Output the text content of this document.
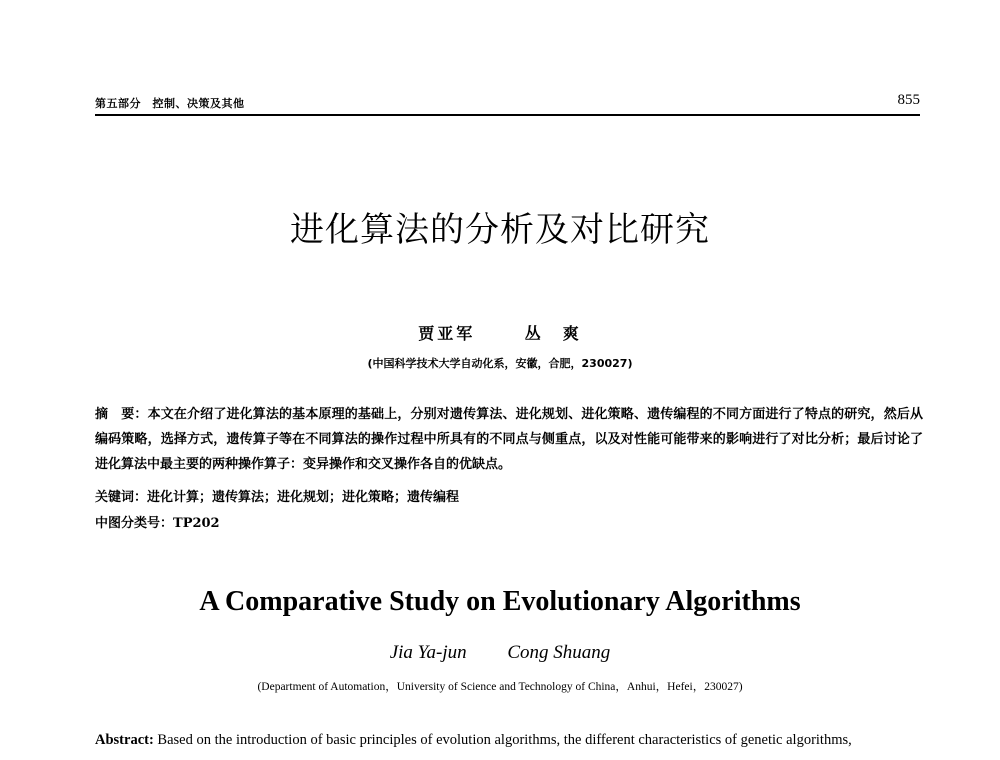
第五部分　控制、决策及其他	855
进化算法的分析及对比研究
贾亚军	丛　爽
(中国科学技术大学自动化系，安徽，合肥，230027)

摘　要：本文在介绍了进化算法的基本原理的基础上，分别对遗传算法、进化规划、进化策略、遗传编程的不同方面进行了特点的研究，然后从编码策略，选择方式，遗传算子等在不同算法的操作过程中所具有的不同点与侧重点，以及对性能可能带来的影响进行了对比分析；最后讨论了进化算法中最主要的两种操作算子：变异操作和交叉操作各自的优缺点。

关键词：进化计算；遗传算法；进化规划；进化策略；遗传编程
中图分类号：TP202
A Comparative Study on Evolutionary Algorithms
Jia Ya-jun Cong Shuang
(Department of Automation，University of Science and Technology of China，Anhui，Hefei，230027)

Abstract: Based on the introduction of basic principles of evolution algorithms, the different characteristics of genetic algorithms,
